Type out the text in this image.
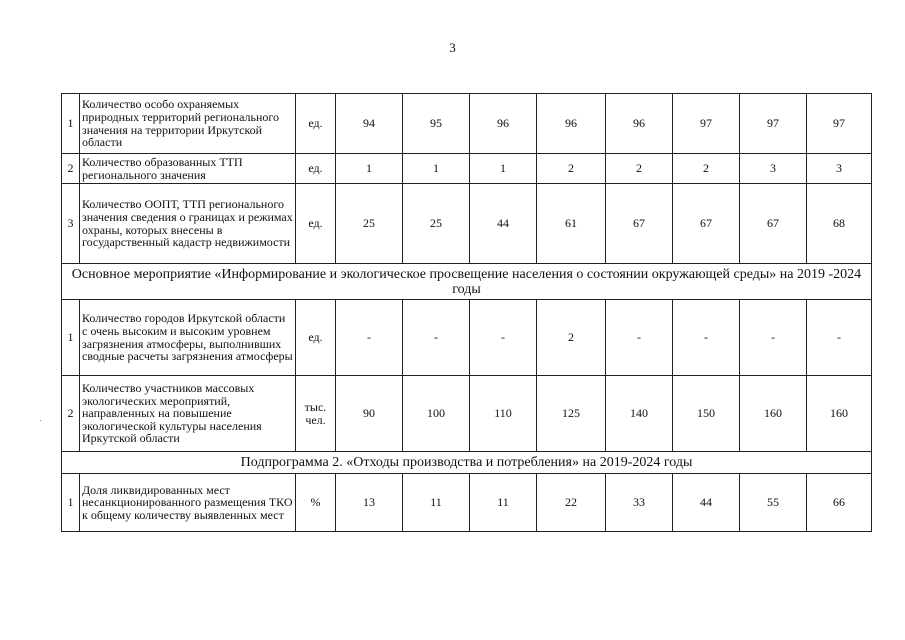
3
1	Количество особо охраняемых природных территорий регионального значения на территории Иркутской области	ед.	94	95	96	96	96	97	97	97
2	Количество образованных ТТП регионального значения	ед.	1	1	1	2	2	2	3	3
3	Количество ООПТ, ТТП регионального значения сведения о границах и режимах охраны, которых внесены в государственный кадастр недвижимости	ед.	25	25	44	61	67	67	67	68
Основное мероприятие «Информирование и экологическое просвещение населения о состоянии окружающей среды» на 2019 -2024 годы										
1	Количество городов Иркутской области с очень высоким и высоким уровнем загрязнения атмосферы, выполнивших сводные расчеты загрязнения атмосферы	ед.	-	-	-	2	-	-	-	-
2	Количество участников массовых экологических мероприятий, направленных на повышение экологической культуры населения Иркутской области	тыс. чел.	90	100	110	125	140	150	160	160
Подпрограмма 2. «Отходы производства и потребления» на 2019-2024 годы										
1	Доля ликвидированных мест несанкционированного размещения ТКО к общему количеству выявленных мест	%	13	11	11	22	33	44	55	66
